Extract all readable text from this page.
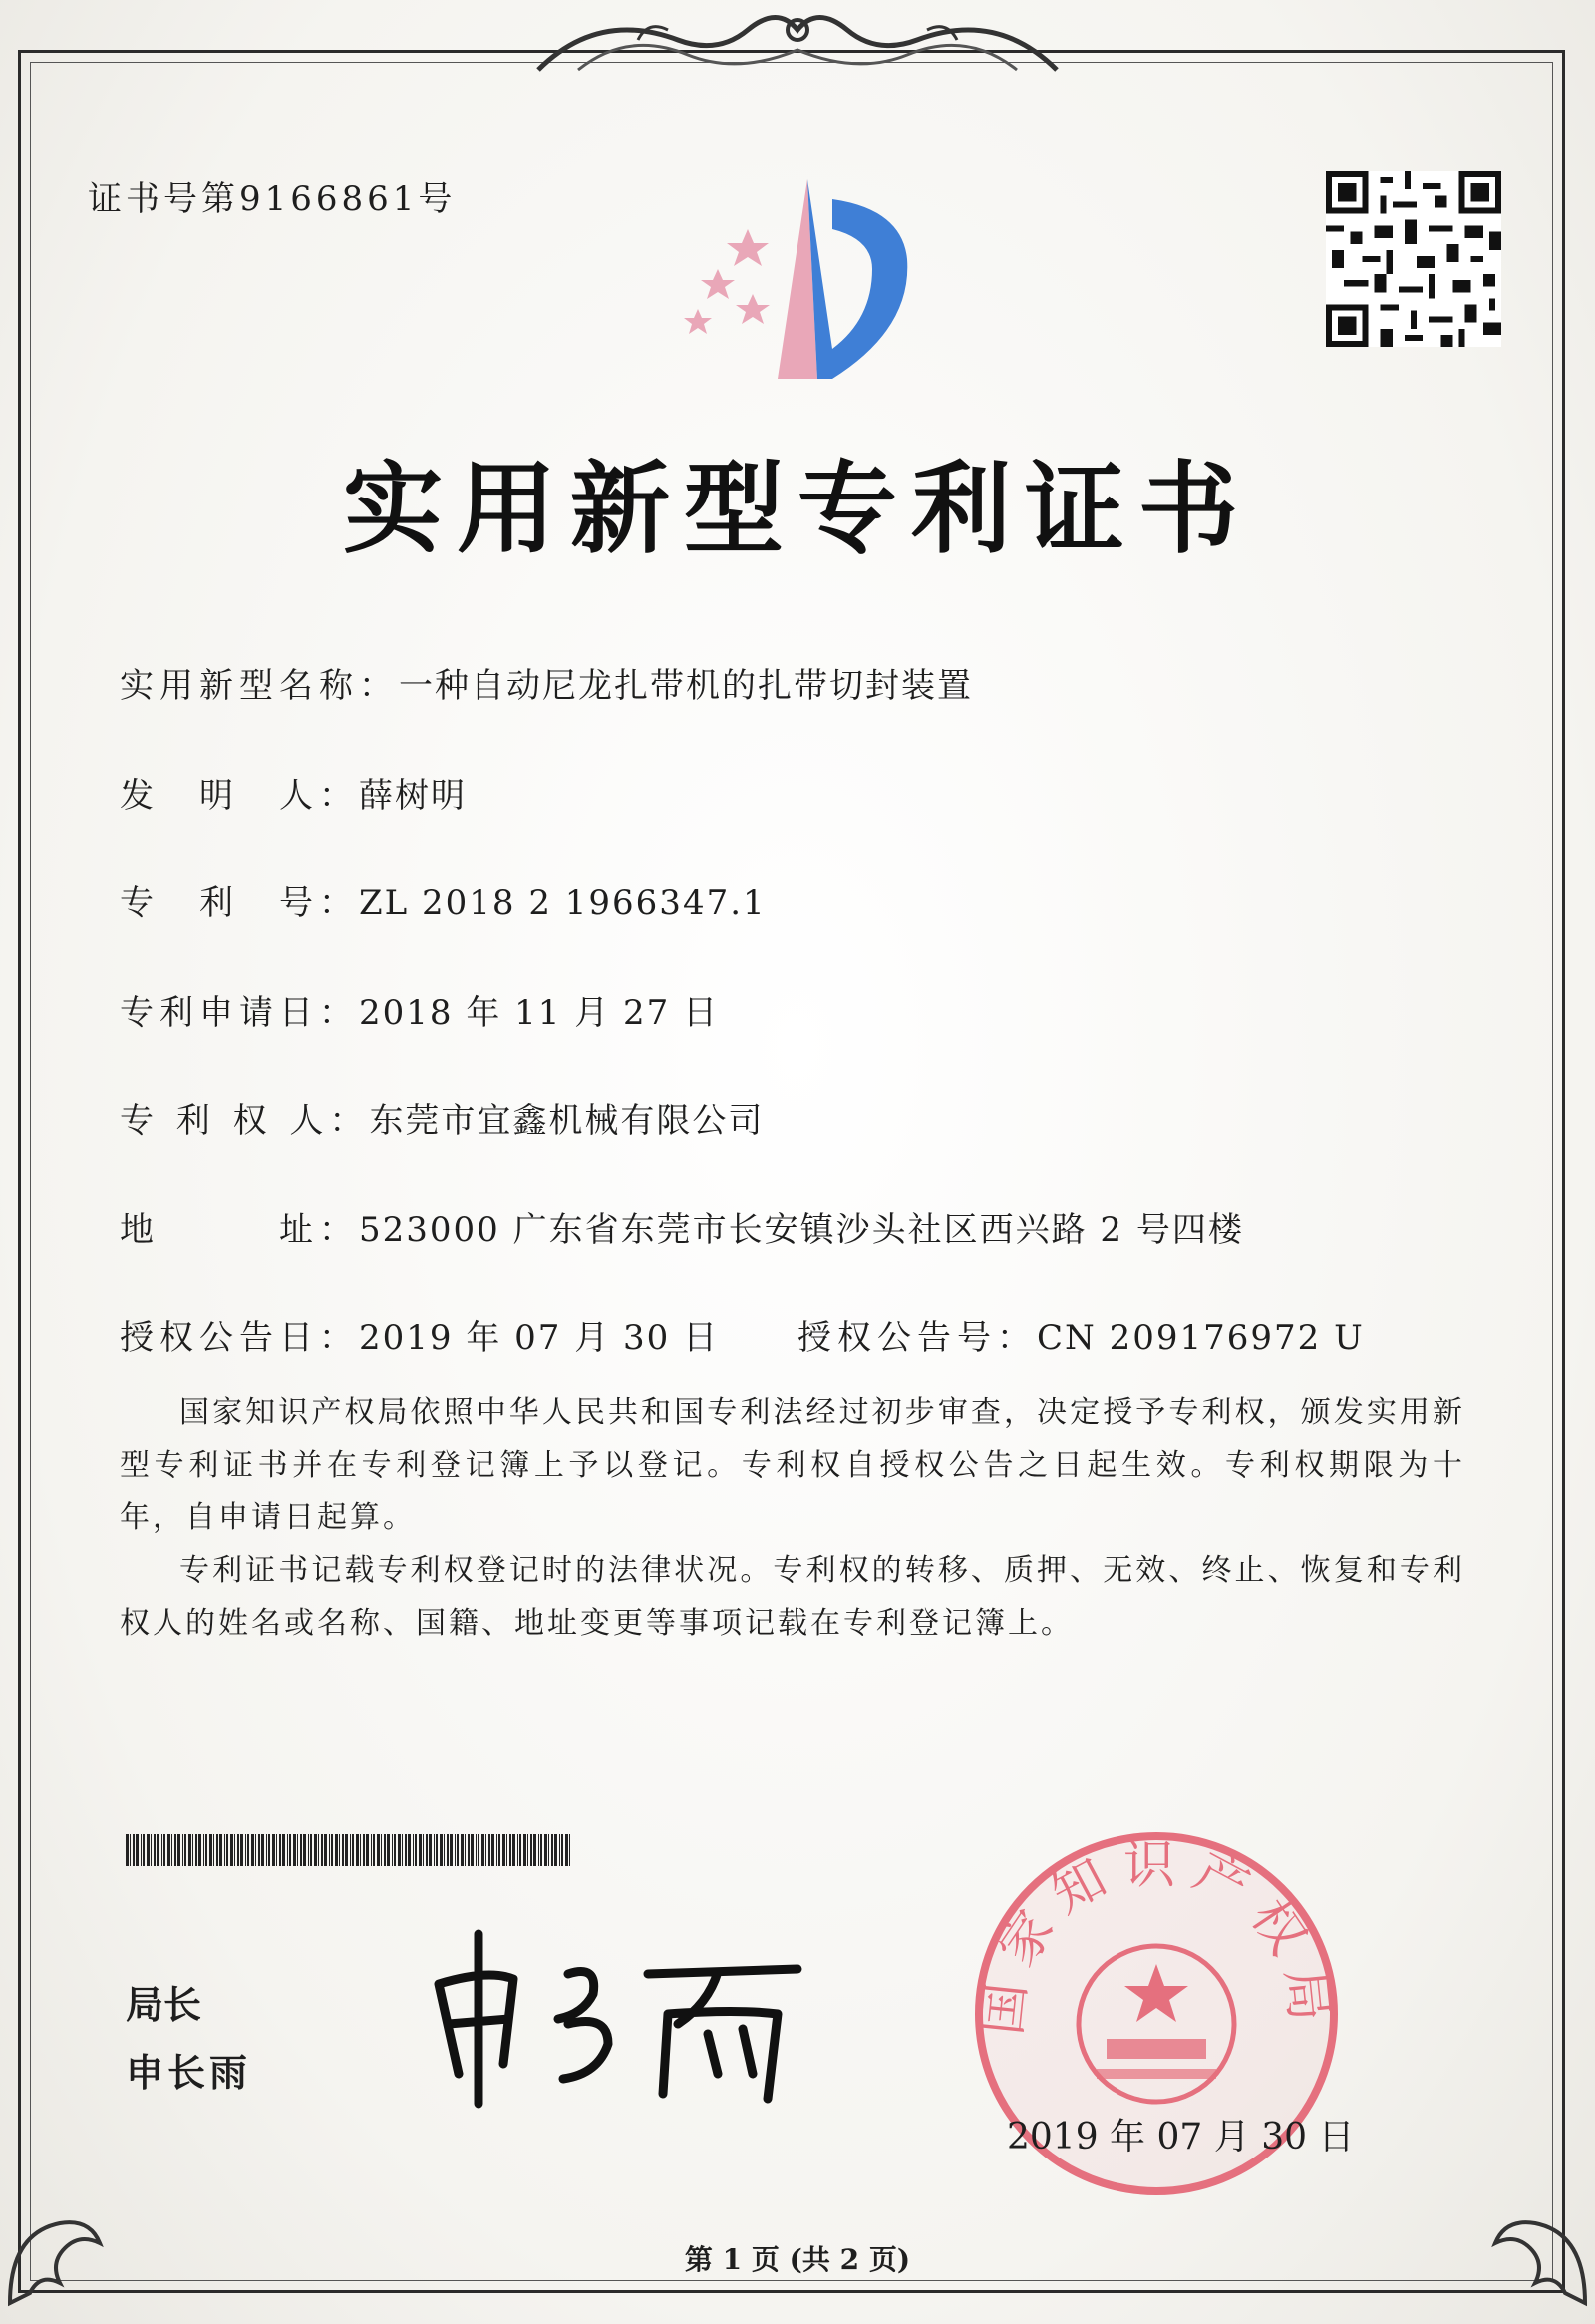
证书号第9166861号
实用新型专利证书
实用新型名称：一种自动尼龙扎带机的扎带切封装置
发　明　人：薛树明
专　利　号：ZL 2018 2 1966347.1
专利申请日：2018 年 11 月 27 日
专 利 权 人：东莞市宜鑫机械有限公司
地　　　址：523000 广东省东莞市长安镇沙头社区西兴路 2 号四楼
授权公告日：2019 年 07 月 30 日 授权公告号：CN 209176972 U

国家知识产权局依照中华人民共和国专利法经过初步审查，决定授予专利权，颁发实用新型专利证书并在专利登记簿上予以登记。专利权自授权公告之日起生效。专利权期限为十年，自申请日起算。

专利证书记载专利权登记时的法律状况。专利权的转移、质押、无效、终止、恢复和专利权人的姓名或名称、国籍、地址变更等事项记载在专利登记簿上。

局长
申长雨
国家知识产权局
2019 年 07 月 30 日
第 1 页 (共 2 页)
